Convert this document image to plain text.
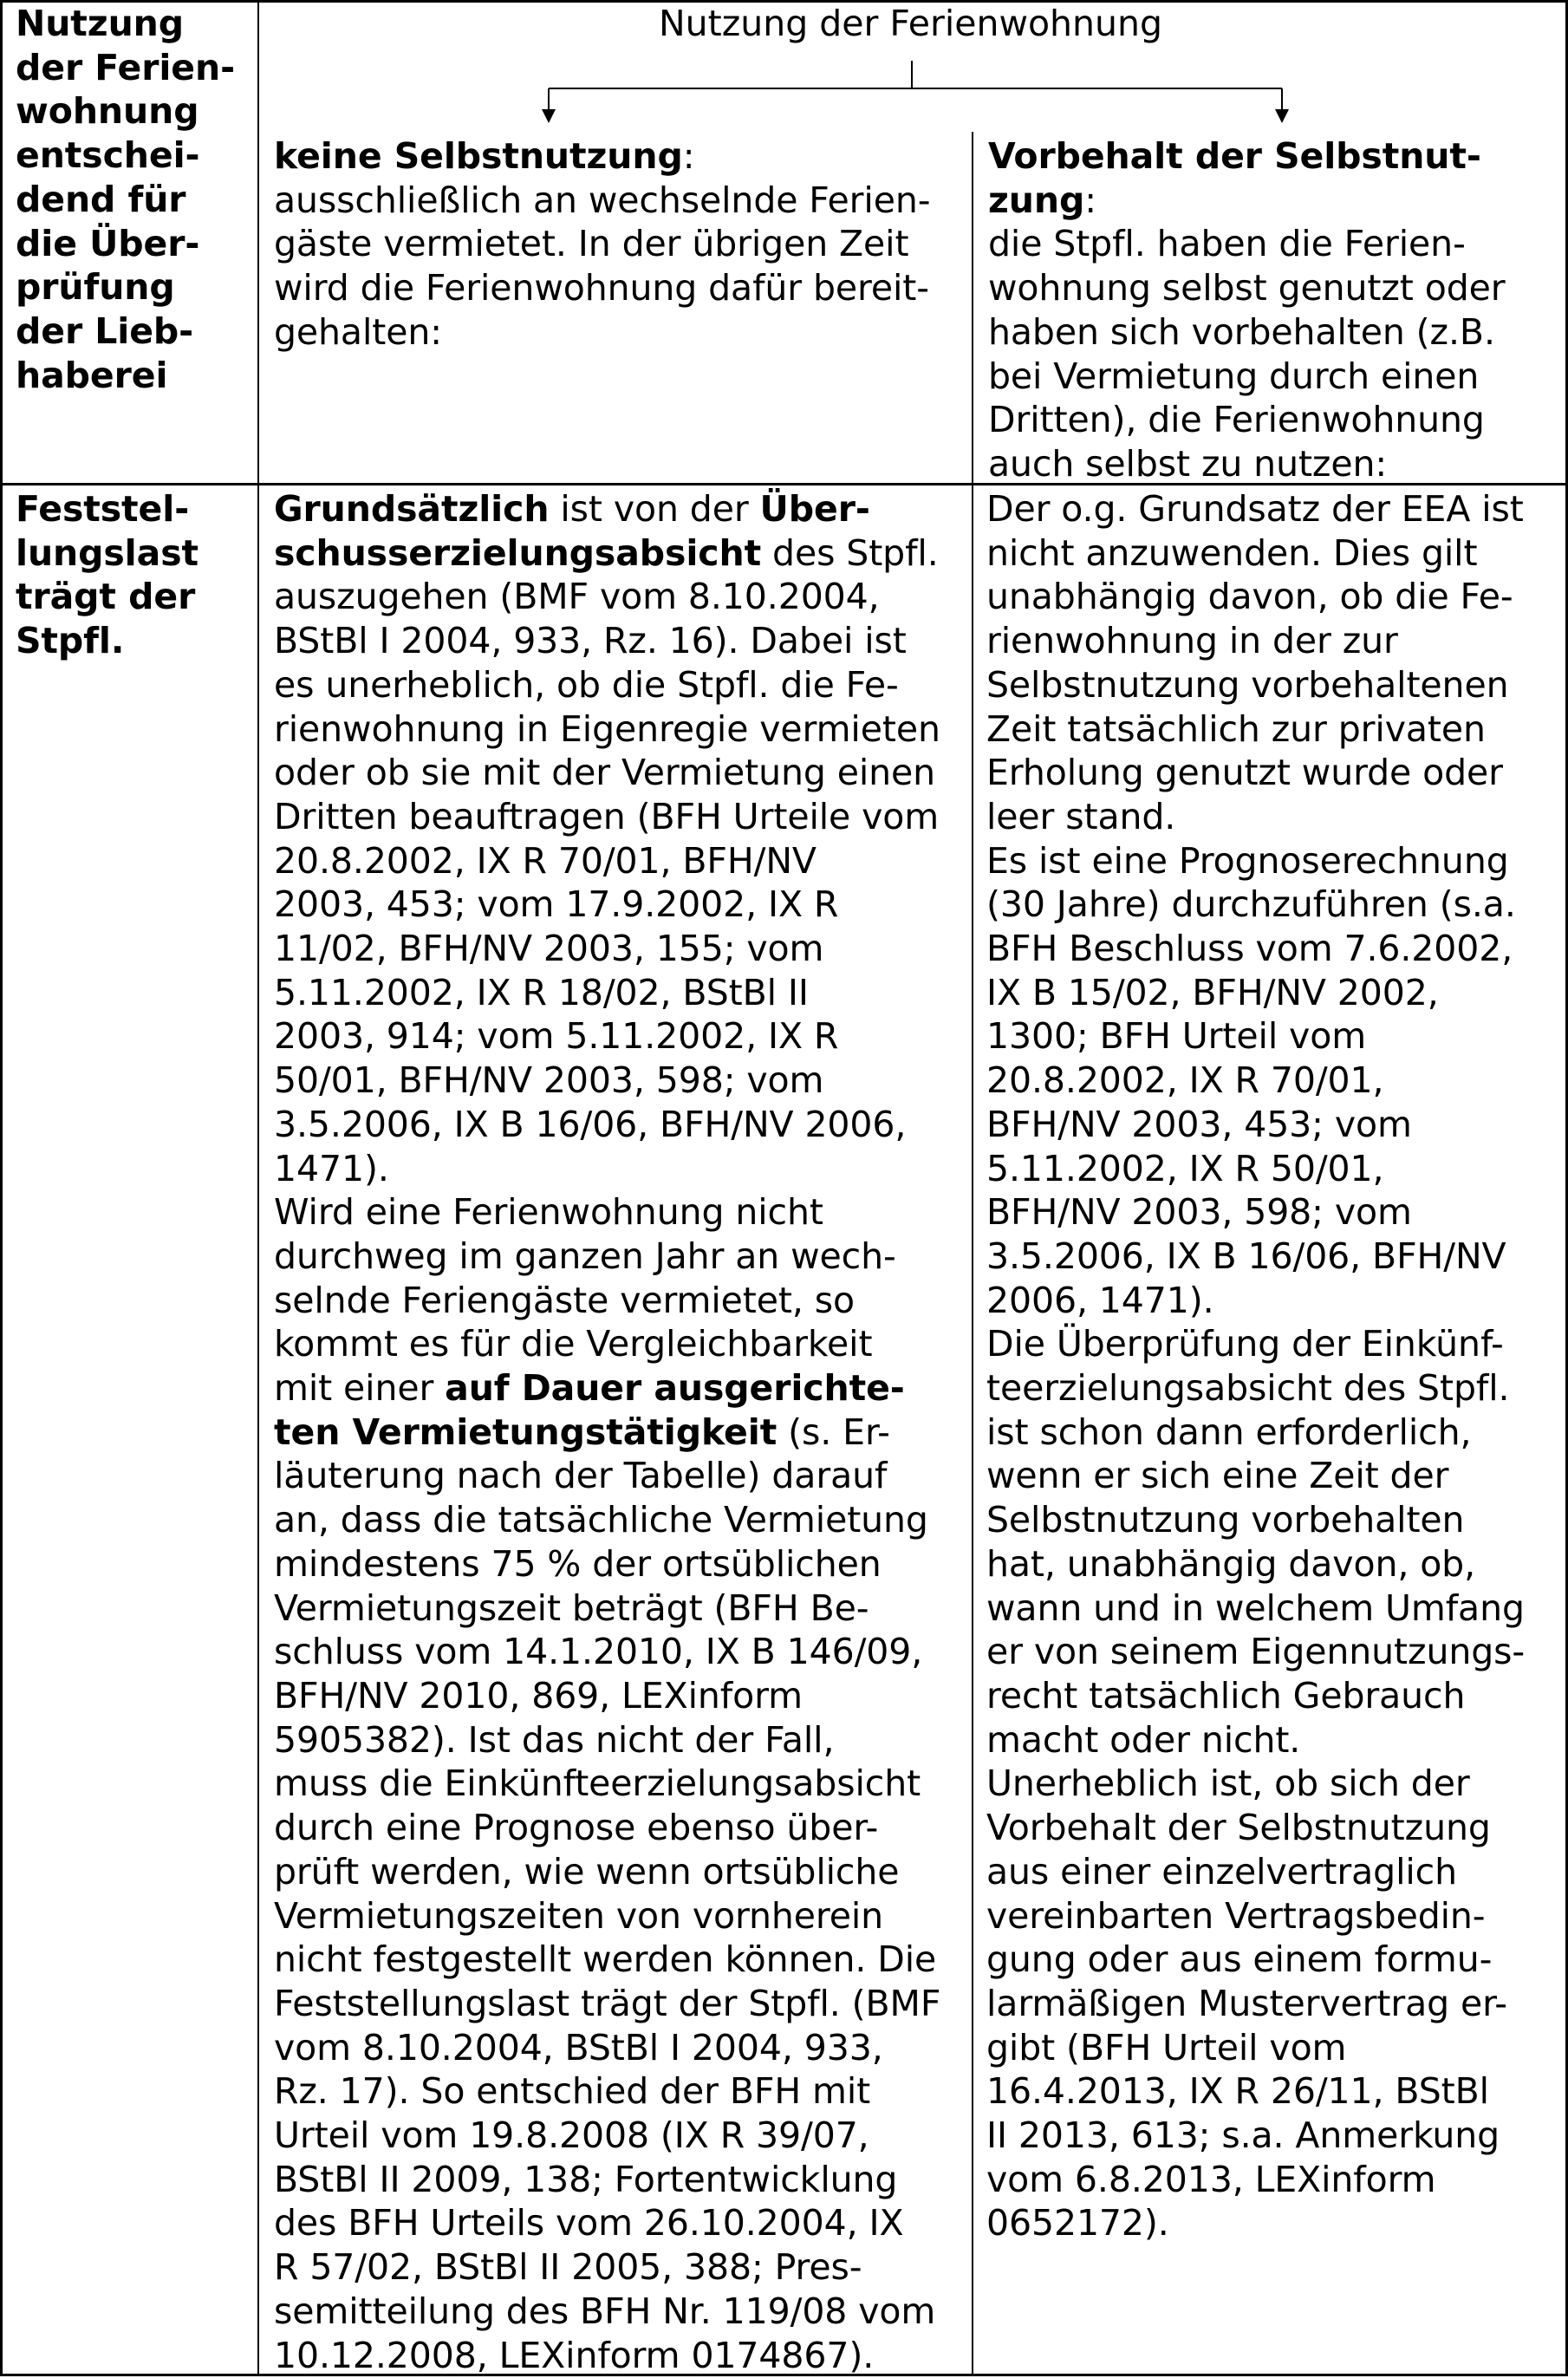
Nutzung der Ferienwohnung
Nutzung
der Ferien-
wohnung
entschei-
dend für
die Über-
prüfung
der Lieb-
haberei
keine Selbstnutzung:
ausschließlich an wechselnde Ferien-
gäste vermietet. In der übrigen Zeit
wird die Ferienwohnung dafür bereit-
gehalten:
Vorbehalt der Selbstnut-
zung:
die Stpfl. haben die Ferien-
wohnung selbst genutzt oder
haben sich vorbehalten (z.B.
bei Vermietung durch einen
Dritten), die Ferienwohnung
auch selbst zu nutzen:
Feststel-
lungslast
trägt der
Stpfl.
Grundsätzlich ist von der Über-
schusserzielungsabsicht des Stpfl.
auszugehen (BMF vom 8.10.2004,
BStBl I 2004, 933, Rz. 16). Dabei ist
es unerheblich, ob die Stpfl. die Fe-
rienwohnung in Eigenregie vermieten
oder ob sie mit der Vermietung einen
Dritten beauftragen (BFH Urteile vom
20.8.2002, IX R 70/01, BFH/NV
2003, 453; vom 17.9.2002, IX R
11/02, BFH/NV 2003, 155; vom
5.11.2002, IX R 18/02, BStBl II
2003, 914; vom 5.11.2002, IX R
50/01, BFH/NV 2003, 598; vom
3.5.2006, IX B 16/06, BFH/NV 2006,
1471).
Wird eine Ferienwohnung nicht
durchweg im ganzen Jahr an wech-
selnde Feriengäste vermietet, so
kommt es für die Vergleichbarkeit
mit einer auf Dauer ausgerichte-
ten Vermietungstätigkeit (s. Er-
läuterung nach der Tabelle) darauf
an, dass die tatsächliche Vermietung
mindestens 75 % der ortsüblichen
Vermietungszeit beträgt (BFH Be-
schluss vom 14.1.2010, IX B 146/09,
BFH/NV 2010, 869, LEXinform
5905382). Ist das nicht der Fall,
muss die Einkünfteerzielungsabsicht
durch eine Prognose ebenso über-
prüft werden, wie wenn ortsübliche
Vermietungszeiten von vornherein
nicht festgestellt werden können. Die
Feststellungslast trägt der Stpfl. (BMF
vom 8.10.2004, BStBl I 2004, 933,
Rz. 17). So entschied der BFH mit
Urteil vom 19.8.2008 (IX R 39/07,
BStBl II 2009, 138; Fortentwicklung
des BFH Urteils vom 26.10.2004, IX
R 57/02, BStBl II 2005, 388; Pres-
semitteilung des BFH Nr. 119/08 vom
10.12.2008, LEXinform 0174867).
Der o.g. Grundsatz der EEA ist
nicht anzuwenden. Dies gilt
unabhängig davon, ob die Fe-
rienwohnung in der zur
Selbstnutzung vorbehaltenen
Zeit tatsächlich zur privaten
Erholung genutzt wurde oder
leer stand.
Es ist eine Prognoserechnung
(30 Jahre) durchzuführen (s.a.
BFH Beschluss vom 7.6.2002,
IX B 15/02, BFH/NV 2002,
1300; BFH Urteil vom
20.8.2002, IX R 70/01,
BFH/NV 2003, 453; vom
5.11.2002, IX R 50/01,
BFH/NV 2003, 598; vom
3.5.2006, IX B 16/06, BFH/NV
2006, 1471).
Die Überprüfung der Einkünf-
teerzielungsabsicht des Stpfl.
ist schon dann erforderlich,
wenn er sich eine Zeit der
Selbstnutzung vorbehalten
hat, unabhängig davon, ob,
wann und in welchem Umfang
er von seinem Eigennutzungs-
recht tatsächlich Gebrauch
macht oder nicht.
Unerheblich ist, ob sich der
Vorbehalt der Selbstnutzung
aus einer einzelvertraglich
vereinbarten Vertragsbedin-
gung oder aus einem formu-
larmäßigen Mustervertrag er-
gibt (BFH Urteil vom
16.4.2013, IX R 26/11, BStBl
II 2013, 613; s.a. Anmerkung
vom 6.8.2013, LEXinform
0652172).
